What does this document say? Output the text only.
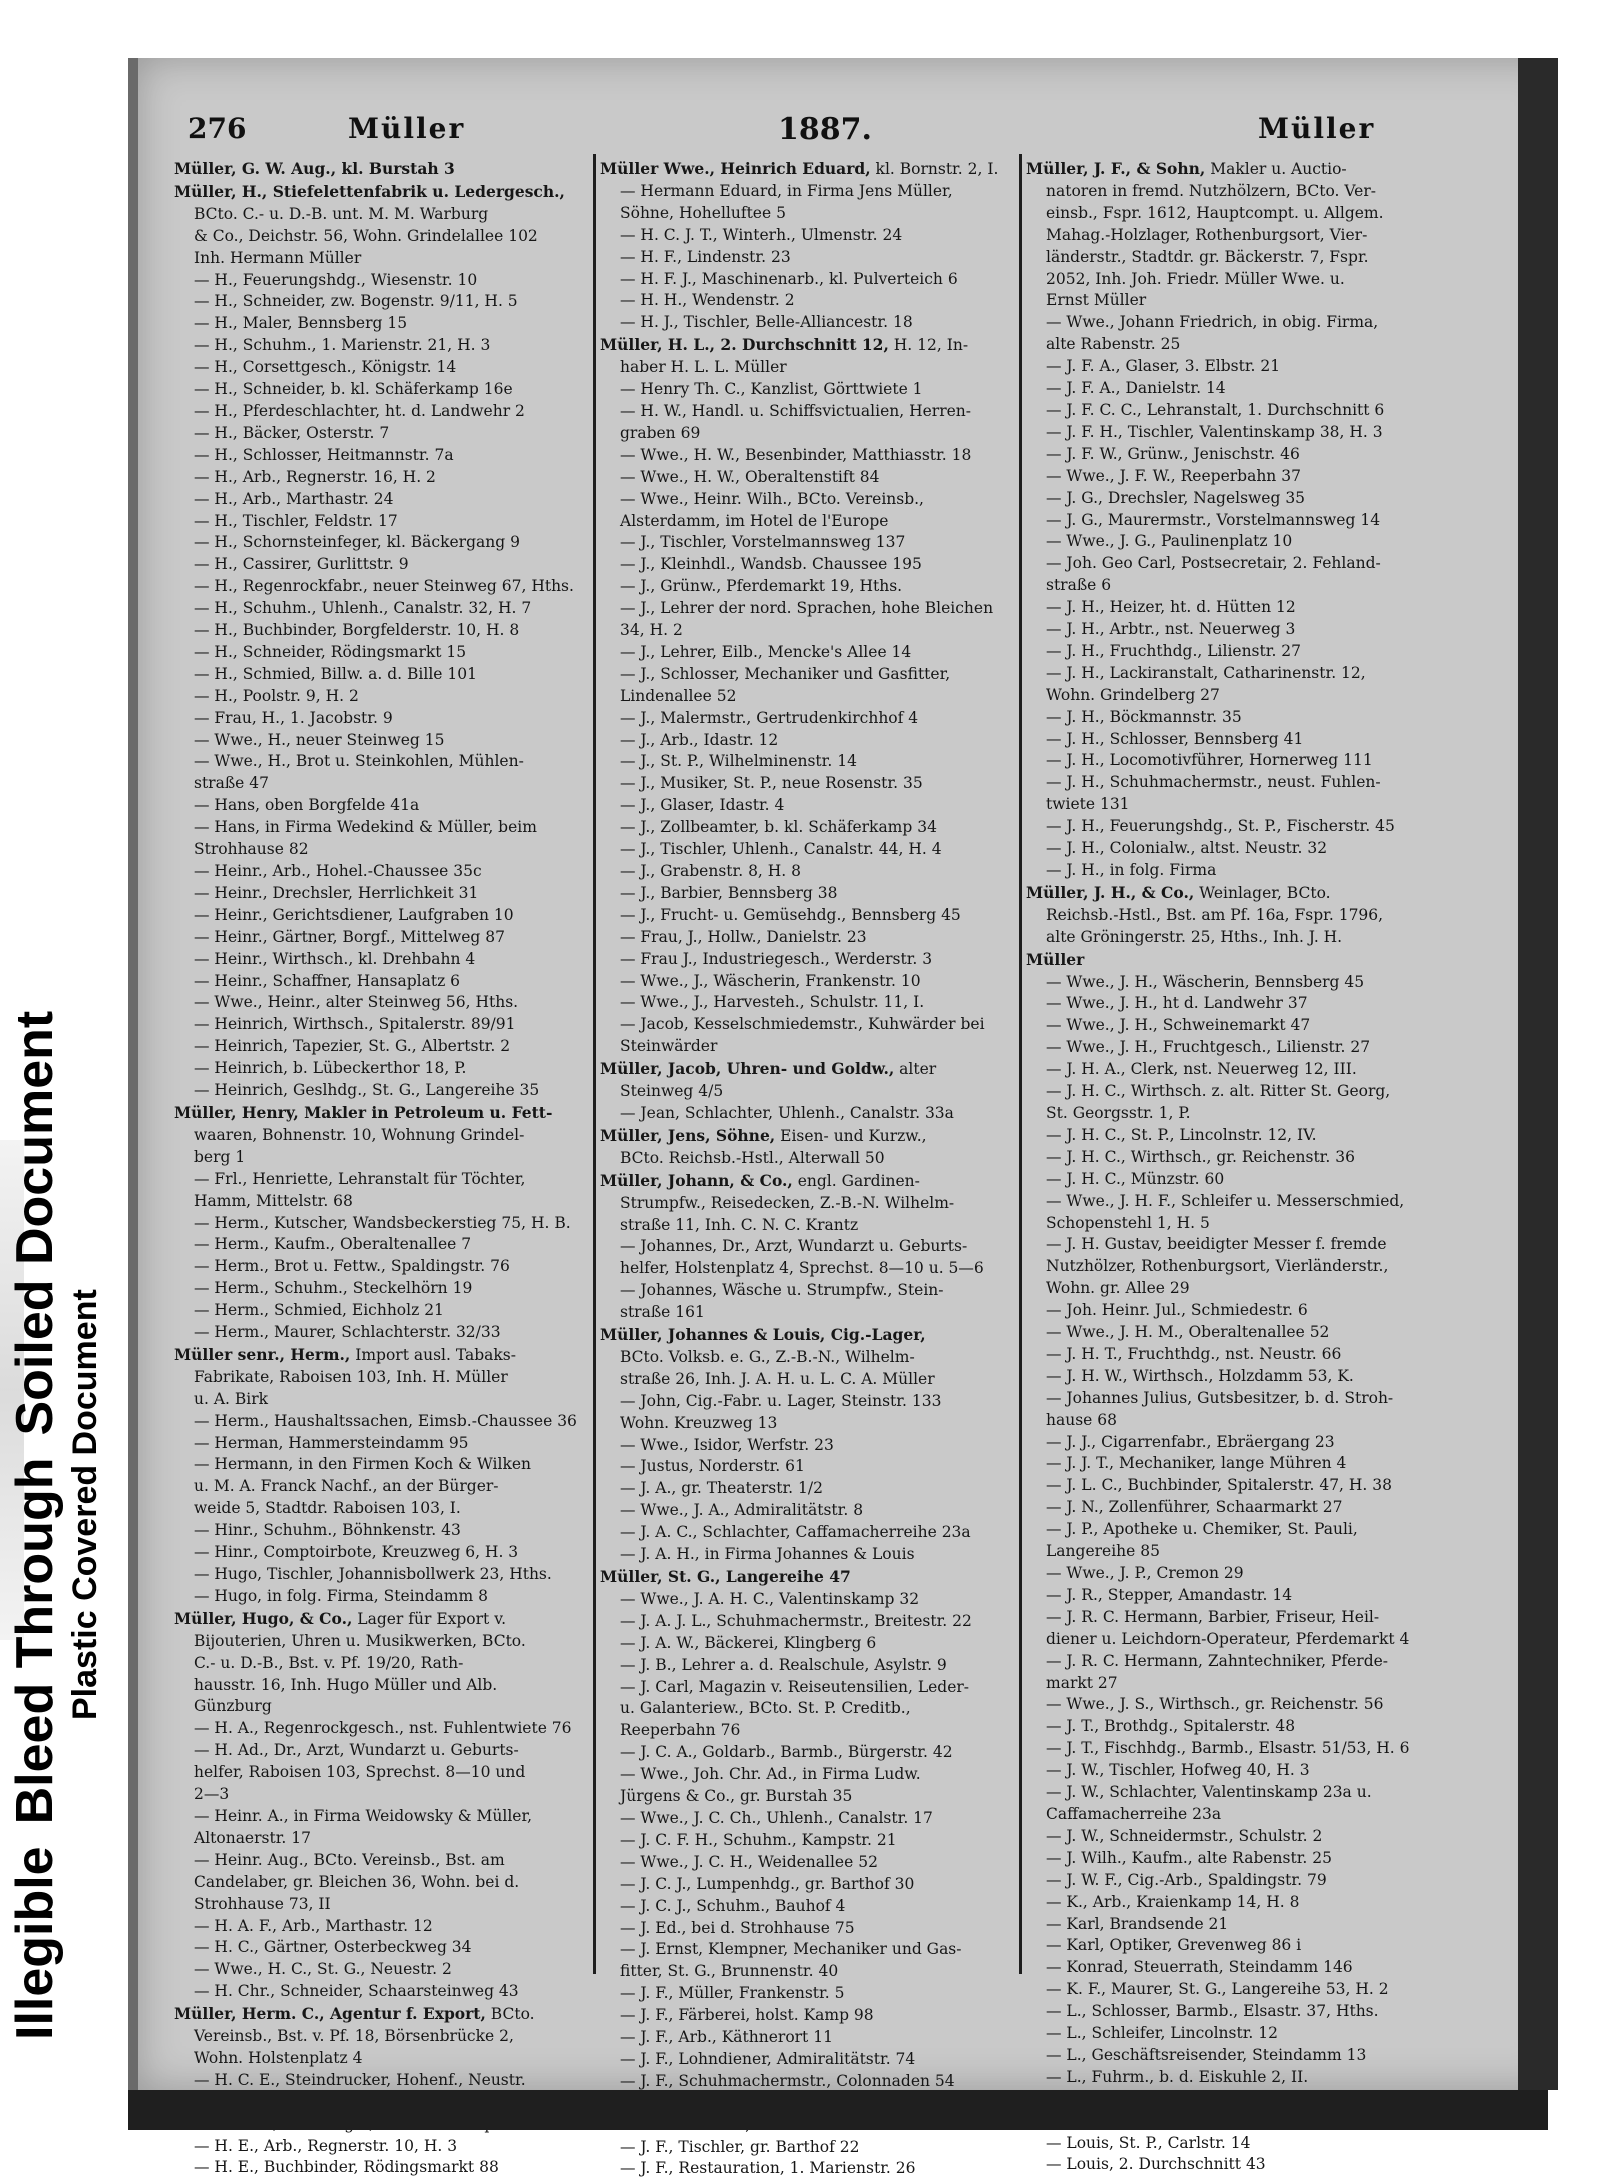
IllegibleBleed ThroughSoiled Document
Plastic Covered Document
276	Müller	1887.	Müller
Müller, G. W. Aug., kl. Burstah 3
Müller, H., Stiefelettenfabrik u. Ledergesch.,
BCto. C.- u. D.-B. unt. M. M. Warburg
& Co., Deichstr. 56, Wohn. Grindelallee 102
Inh. Hermann Müller
— H., Feuerungshdg., Wiesenstr. 10
— H., Schneider, zw. Bogenstr. 9/11, H. 5
— H., Maler, Bennsberg 15
— H., Schuhm., 1. Marienstr. 21, H. 3
— H., Corsettgesch., Königstr. 14
— H., Schneider, b. kl. Schäferkamp 16e
— H., Pferdeschlachter, ht. d. Landwehr 2
— H., Bäcker, Osterstr. 7
— H., Schlosser, Heitmannstr. 7a
— H., Arb., Regnerstr. 16, H. 2
— H., Arb., Marthastr. 24
— H., Tischler, Feldstr. 17
— H., Schornsteinfeger, kl. Bäckergang 9
— H., Cassirer, Gurlittstr. 9
— H., Regenrockfabr., neuer Steinweg 67, Hths.
— H., Schuhm., Uhlenh., Canalstr. 32, H. 7
— H., Buchbinder, Borgfelderstr. 10, H. 8
— H., Schneider, Rödingsmarkt 15
— H., Schmied, Billw. a. d. Bille 101
— H., Poolstr. 9, H. 2
— Frau, H., 1. Jacobstr. 9
— Wwe., H., neuer Steinweg 15
— Wwe., H., Brot u. Steinkohlen, Mühlen-
straße 47
— Hans, oben Borgfelde 41a
— Hans, in Firma Wedekind & Müller, beim
Strohhause 82
— Heinr., Arb., Hohel.-Chaussee 35c
— Heinr., Drechsler, Herrlichkeit 31
— Heinr., Gerichtsdiener, Laufgraben 10
— Heinr., Gärtner, Borgf., Mittelweg 87
— Heinr., Wirthsch., kl. Drehbahn 4
— Heinr., Schaffner, Hansaplatz 6
— Wwe., Heinr., alter Steinweg 56, Hths.
— Heinrich, Wirthsch., Spitalerstr. 89/91
— Heinrich, Tapezier, St. G., Albertstr. 2
— Heinrich, b. Lübeckerthor 18, P.
— Heinrich, Geslhdg., St. G., Langereihe 35
Müller, Henry, Makler in Petroleum u. Fett-
waaren, Bohnenstr. 10, Wohnung Grindel-
berg 1
— Frl., Henriette, Lehranstalt für Töchter,
Hamm, Mittelstr. 68
— Herm., Kutscher, Wandsbeckerstieg 75, H. B.
— Herm., Kaufm., Oberaltenallee 7
— Herm., Brot u. Fettw., Spaldingstr. 76
— Herm., Schuhm., Steckelhörn 19
— Herm., Schmied, Eichholz 21
— Herm., Maurer, Schlachterstr. 32/33
Müller senr., Herm., Import ausl. Tabaks-
Fabrikate, Raboisen 103, Inh. H. Müller
u. A. Birk
— Herm., Haushaltssachen, Eimsb.-Chaussee 36
— Herman, Hammersteindamm 95
— Hermann, in den Firmen Koch & Wilken
u. M. A. Franck Nachf., an der Bürger-
weide 5, Stadtdr. Raboisen 103, I.
— Hinr., Schuhm., Böhnkenstr. 43
— Hinr., Comptoirbote, Kreuzweg 6, H. 3
— Hugo, Tischler, Johannisbollwerk 23, Hths.
— Hugo, in folg. Firma, Steindamm 8
Müller, Hugo, & Co., Lager für Export v.
Bijouterien, Uhren u. Musikwerken, BCto.
C.- u. D.-B., Bst. v. Pf. 19/20, Rath-
hausstr. 16, Inh. Hugo Müller und Alb.
Günzburg
— H. A., Regenrockgesch., nst. Fuhlentwiete 76
— H. Ad., Dr., Arzt, Wundarzt u. Geburts-
helfer, Raboisen 103, Sprechst. 8—10 und
2—3
— Heinr. A., in Firma Weidowsky & Müller,
Altonaerstr. 17
— Heinr. Aug., BCto. Vereinsb., Bst. am
Candelaber, gr. Bleichen 36, Wohn. bei d.
Strohhause 73, II
— H. A. F., Arb., Marthastr. 12
— H. C., Gärtner, Osterbeckweg 34
— Wwe., H. C., St. G., Neuestr. 2
— H. Chr., Schneider, Schaarsteinweg 43
Müller, Herm. C., Agentur f. Export, BCto.
Vereinsb., Bst. v. Pf. 18, Börsenbrücke 2,
Wohn. Holstenplatz 4
— H. C. E., Steindrucker, Hohenf., Neustr.
— H. E., Arb., Regnerstr. 10, H. 3
— H. E., Buchbinder, Rödingsmarkt 88
Müller Wwe., Heinrich Eduard, kl. Bornstr. 2, I.
— Hermann Eduard, in Firma Jens Müller,
Söhne, Hohelluftee 5
— H. C. J. T., Winterh., Ulmenstr. 24
— H. F., Lindenstr. 23
— H. F. J., Maschinenarb., kl. Pulverteich 6
— H. H., Wendenstr. 2
— H. J., Tischler, Belle-Alliancestr. 18
Müller, H. L., 2. Durchschnitt 12, H. 12, In-
haber H. L. L. Müller
— Henry Th. C., Kanzlist, Görttwiete 1
— H. W., Handl. u. Schiffsvictualien, Herren-
graben 69
— Wwe., H. W., Besenbinder, Matthiasstr. 18
— Wwe., H. W., Oberaltenstift 84
— Wwe., Heinr. Wilh., BCto. Vereinsb.,
Alsterdamm, im Hotel de l'Europe
— J., Tischler, Vorstelmannsweg 137
— J., Kleinhdl., Wandsb. Chaussee 195
— J., Grünw., Pferdemarkt 19, Hths.
— J., Lehrer der nord. Sprachen, hohe Bleichen
34, H. 2
— J., Lehrer, Eilb., Mencke's Allee 14
— J., Schlosser, Mechaniker und Gasfitter,
Lindenallee 52
— J., Malermstr., Gertrudenkirchhof 4
— J., Arb., Idastr. 12
— J., St. P., Wilhelminenstr. 14
— J., Musiker, St. P., neue Rosenstr. 35
— J., Glaser, Idastr. 4
— J., Zollbeamter, b. kl. Schäferkamp 34
— J., Tischler, Uhlenh., Canalstr. 44, H. 4
— J., Grabenstr. 8, H. 8
— J., Barbier, Bennsberg 38
— J., Frucht- u. Gemüsehdg., Bennsberg 45
— Frau, J., Hollw., Danielstr. 23
— Frau J., Industriegesch., Werderstr. 3
— Wwe., J., Wäscherin, Frankenstr. 10
— Wwe., J., Harvesteh., Schulstr. 11, I.
— Jacob, Kesselschmiedemstr., Kuhwärder bei
Steinwärder
Müller, Jacob, Uhren- und Goldw., alter
Steinweg 4/5
— Jean, Schlachter, Uhlenh., Canalstr. 33a
Müller, Jens, Söhne, Eisen- und Kurzw.,
BCto. Reichsb.-Hstl., Alterwall 50
Müller, Johann, & Co., engl. Gardinen-
Strumpfw., Reisedecken, Z.-B.-N. Wilhelm-
straße 11, Inh. C. N. C. Krantz
— Johannes, Dr., Arzt, Wundarzt u. Geburts-
helfer, Holstenplatz 4, Sprechst. 8—10 u. 5—6
— Johannes, Wäsche u. Strumpfw., Stein-
straße 161
Müller, Johannes & Louis, Cig.-Lager,
BCto. Volksb. e. G., Z.-B.-N., Wilhelm-
straße 26, Inh. J. A. H. u. L. C. A. Müller
— John, Cig.-Fabr. u. Lager, Steinstr. 133
Wohn. Kreuzweg 13
— Wwe., Isidor, Werfstr. 23
— Justus, Norderstr. 61
— J. A., gr. Theaterstr. 1/2
— Wwe., J. A., Admiralitätstr. 8
— J. A. C., Schlachter, Caffamacherreihe 23a
— J. A. H., in Firma Johannes & Louis
Müller, St. G., Langereihe 47
— Wwe., J. A. H. C., Valentinskamp 32
— J. A. J. L., Schuhmachermstr., Breitestr. 22
— J. A. W., Bäckerei, Klingberg 6
— J. B., Lehrer a. d. Realschule, Asylstr. 9
— J. Carl, Magazin v. Reiseutensilien, Leder-
u. Galanteriew., BCto. St. P. Creditb.,
Reeperbahn 76
— J. C. A., Goldarb., Barmb., Bürgerstr. 42
— Wwe., Joh. Chr. Ad., in Firma Ludw.
Jürgens & Co., gr. Burstah 35
— Wwe., J. C. Ch., Uhlenh., Canalstr. 17
— J. C. F. H., Schuhm., Kampstr. 21
— Wwe., J. C. H., Weidenallee 52
— J. C. J., Lumpenhdg., gr. Barthof 30
— J. C. J., Schuhm., Bauhof 4
— J. Ed., bei d. Strohhause 75
— J. Ernst, Klempner, Mechaniker und Gas-
fitter, St. G., Brunnenstr. 40
— J. F., Müller, Frankenstr. 5
— J. F., Färberei, holst. Kamp 98
— J. F., Arb., Käthnerort 11
— J. F., Lohndiener, Admiralitätstr. 74
— J. F., Schuhmachermstr., Colonnaden 54
— J. F., Tischler, gr. Barthof 22
— J. F., Restauration, 1. Marienstr. 26
Müller, J. F., & Sohn, Makler u. Auctio-
natoren in fremd. Nutzhölzern, BCto. Ver-
einsb., Fspr. 1612, Hauptcompt. u. Allgem.
Mahag.-Holzlager, Rothenburgsort, Vier-
länderstr., Stadtdr. gr. Bäckerstr. 7, Fspr.
2052, Inh. Joh. Friedr. Müller Wwe. u.
Ernst Müller
— Wwe., Johann Friedrich, in obig. Firma,
alte Rabenstr. 25
— J. F. A., Glaser, 3. Elbstr. 21
— J. F. A., Danielstr. 14
— J. F. C. C., Lehranstalt, 1. Durchschnitt 6
— J. F. H., Tischler, Valentinskamp 38, H. 3
— J. F. W., Grünw., Jenischstr. 46
— Wwe., J. F. W., Reeperbahn 37
— J. G., Drechsler, Nagelsweg 35
— J. G., Maurermstr., Vorstelmannsweg 14
— Wwe., J. G., Paulinenplatz 10
— Joh. Geo Carl, Postsecretair, 2. Fehland-
straße 6
— J. H., Heizer, ht. d. Hütten 12
— J. H., Arbtr., nst. Neuerweg 3
— J. H., Fruchthdg., Lilienstr. 27
— J. H., Lackiranstalt, Catharinenstr. 12,
Wohn. Grindelberg 27
— J. H., Böckmannstr. 35
— J. H., Schlosser, Bennsberg 41
— J. H., Locomotivführer, Hornerweg 111
— J. H., Schuhmachermstr., neust. Fuhlen-
twiete 131
— J. H., Feuerungshdg., St. P., Fischerstr. 45
— J. H., Colonialw., altst. Neustr. 32
— J. H., in folg. Firma
Müller, J. H., & Co., Weinlager, BCto.
Reichsb.-Hstl., Bst. am Pf. 16a, Fspr. 1796,
alte Gröningerstr. 25, Hths., Inh. J. H.
Müller
— Wwe., J. H., Wäscherin, Bennsberg 45
— Wwe., J. H., ht d. Landwehr 37
— Wwe., J. H., Schweinemarkt 47
— Wwe., J. H., Fruchtgesch., Lilienstr. 27
— J. H. A., Clerk, nst. Neuerweg 12, III.
— J. H. C., Wirthsch. z. alt. Ritter St. Georg,
St. Georgsstr. 1, P.
— J. H. C., St. P., Lincolnstr. 12, IV.
— J. H. C., Wirthsch., gr. Reichenstr. 36
— J. H. C., Münzstr. 60
— Wwe., J. H. F., Schleifer u. Messerschmied,
Schopenstehl 1, H. 5
— J. H. Gustav, beeidigter Messer f. fremde
Nutzhölzer, Rothenburgsort, Vierländerstr.,
Wohn. gr. Allee 29
— Joh. Heinr. Jul., Schmiedestr. 6
— Wwe., J. H. M., Oberaltenallee 52
— J. H. T., Fruchthdg., nst. Neustr. 66
— J. H. W., Wirthsch., Holzdamm 53, K.
— Johannes Julius, Gutsbesitzer, b. d. Stroh-
hause 68
— J. J., Cigarrenfabr., Ebräergang 23
— J. J. T., Mechaniker, lange Mühren 4
— J. L. C., Buchbinder, Spitalerstr. 47, H. 38
— J. N., Zollenführer, Schaarmarkt 27
— J. P., Apotheke u. Chemiker, St. Pauli,
Langereihe 85
— Wwe., J. P., Cremon 29
— J. R., Stepper, Amandastr. 14
— J. R. C. Hermann, Barbier, Friseur, Heil-
diener u. Leichdorn-Operateur, Pferdemarkt 4
— J. R. C. Hermann, Zahntechniker, Pferde-
markt 27
— Wwe., J. S., Wirthsch., gr. Reichenstr. 56
— J. T., Brothdg., Spitalerstr. 48
— J. T., Fischhdg., Barmb., Elsastr. 51/53, H. 6
— J. W., Tischler, Hofweg 40, H. 3
— J. W., Schlachter, Valentinskamp 23a u.
Caffamacherreihe 23a
— J. W., Schneidermstr., Schulstr. 2
— J. Wilh., Kaufm., alte Rabenstr. 25
— J. W. F., Cig.-Arb., Spaldingstr. 79
— K., Arb., Kraienkamp 14, H. 8
— Karl, Brandsende 21
— Karl, Optiker, Grevenweg 86 i
— Konrad, Steuerrath, Steindamm 146
— K. F., Maurer, St. G., Langereihe 53, H. 2
— L., Schlosser, Barmb., Elsastr. 37, Hths.
— L., Schleifer, Lincolnstr. 12
— L., Geschäftsreisender, Steindamm 13
— L., Fuhrm., b. d. Eiskuhle 2, II.
— Louis, St. P., Carlstr. 14
— Louis, 2. Durchschnitt 43
